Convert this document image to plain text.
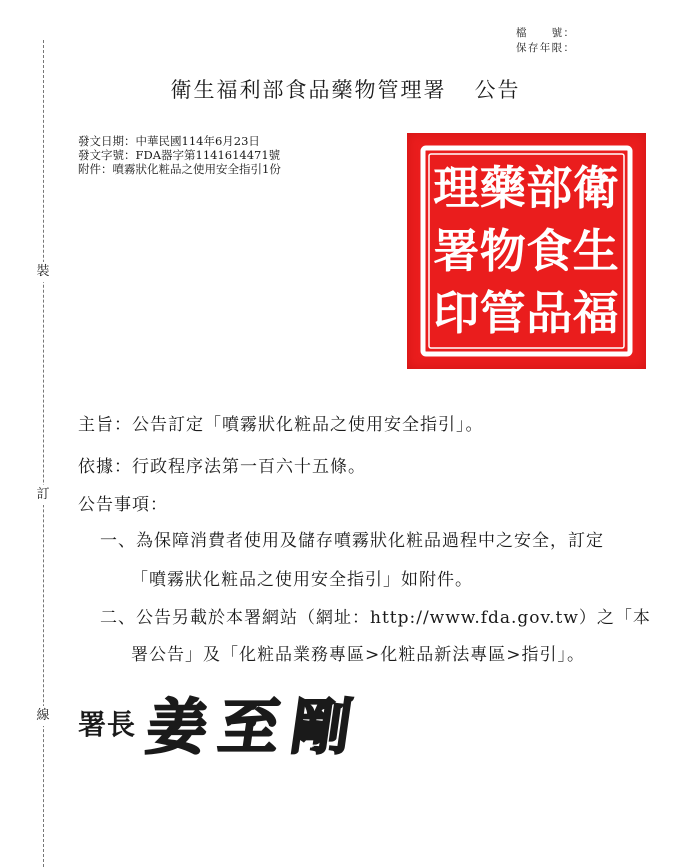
裝
訂
線
檔　　號：
保存年限：
衛生福利部食品藥物管理署 公告
發文日期：中華民國114年6月23日
發文字號：FDA器字第1141614471號
附件：噴霧狀化粧品之使用安全指引1份	衛
生
福
部
食
品
藥
物
管
理
署
印
主旨：公告訂定「噴霧狀化粧品之使用安全指引」。
依據：行政程序法第一百六十五條。
公告事項：
一、為保障消費者使用及儲存噴霧狀化粧品過程中之安全，訂定
「噴霧狀化粧品之使用安全指引」如附件。
二、公告另載於本署網站（網址：http://www.fda.gov.tw）之「本
署公告」及「化粧品業務專區>化粧品新法專區>指引」。
署長 姜至剛
